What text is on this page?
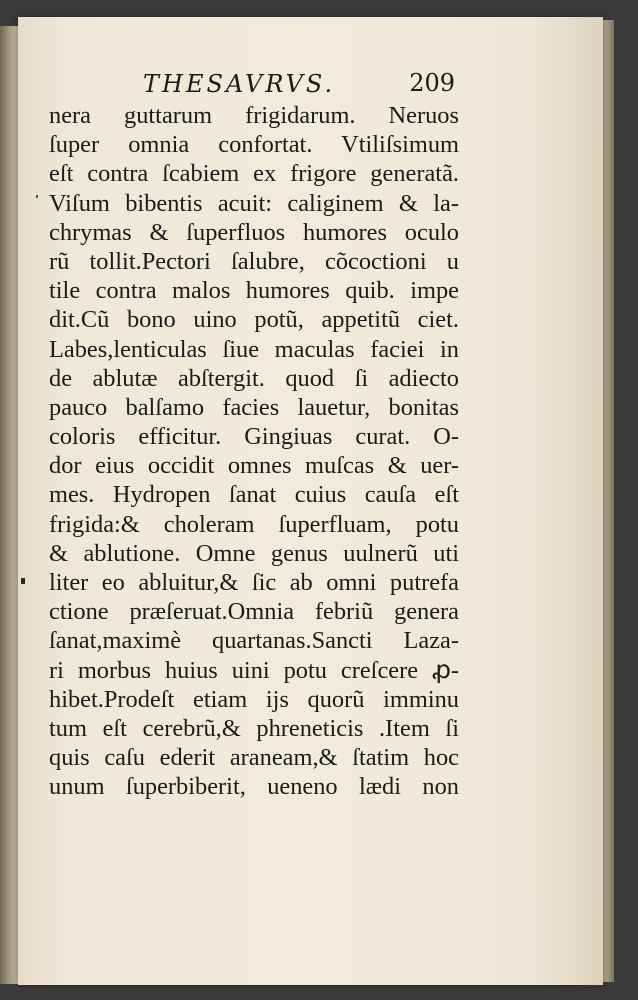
THESAVRVS.	209
nera guttarum frigidarum. Neruos
ſuper omnia confortat. Vtiliſsimum
eſt contra ſcabiem ex frigore generatã.
Viſum bibentis acuit: caliginem & la-
chrymas & ſuperfluos humores oculo
rũ tollit.Pectori ſalubre, cõcoctioni u
tile contra malos humores quib. impe
dit.Cũ bono uino potũ, appetitũ ciet.
Labes,lenticulas ſiue maculas faciei in
de ablutæ abſtergit. quod ſi adiecto
pauco balſamo facies lauetur, bonitas
coloris efficitur. Gingiuas curat. O-
dor eius occidit omnes muſcas & uer-
mes. Hydropen ſanat cuius cauſa eſt
frigida:& choleram ſuperfluam, potu
& ablutione. Omne genus uulnerũ uti
liter eo abluitur,& ſic ab omni putrefa
ctione præſeruat.Omnia febriũ genera
ſanat,maximè quartanas.Sancti Laza-
ri morbus huius uini potu creſcere ꝓ-
hibet.Prodeſt etiam ijs quorũ imminu
tum eſt cerebrũ,& phreneticis .Item ſi
quis caſu ederit araneam,& ſtatim hoc
unum ſuperbiberit, ueneno lædi non
